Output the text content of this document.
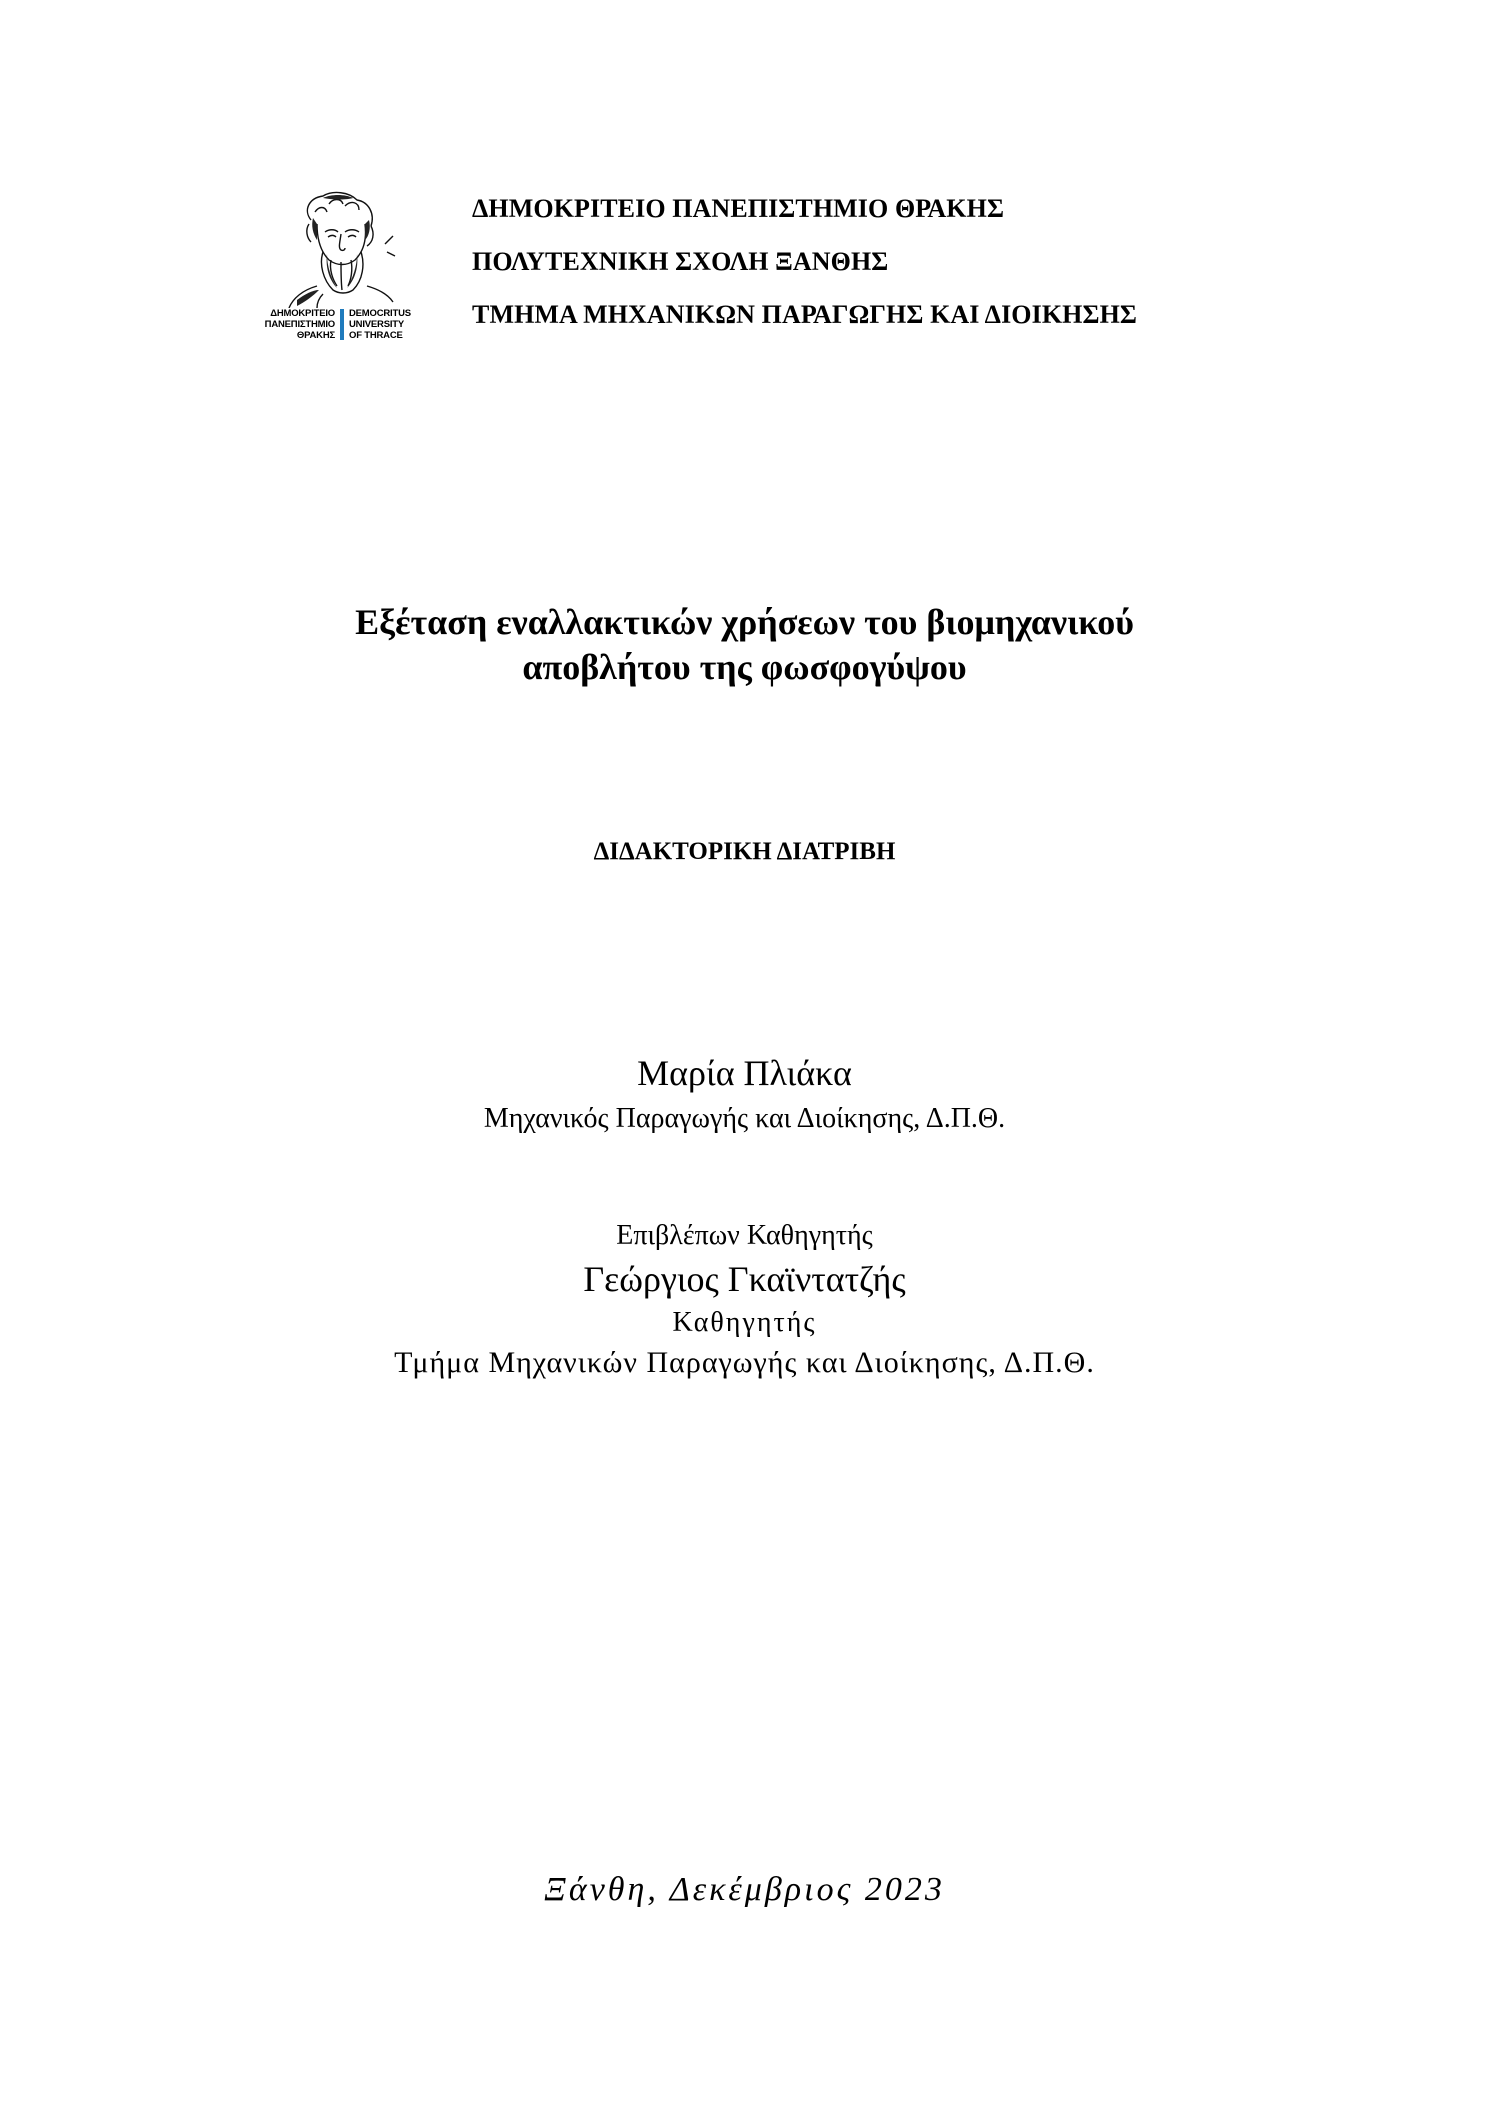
ΔΗΜΟΚΡΙΤΕΙΟ
ΠΑΝΕΠΙΣΤΗΜΙΟ
ΘΡΑΚΗΣ
DEMOCRITUS
UNIVERSITY
OF THRACE
ΔΗΜΟΚΡΙΤΕΙΟ ΠΑΝΕΠΙΣΤΗΜΙΟ ΘΡΑΚΗΣ
ΠΟΛΥΤΕΧΝΙΚΗ ΣΧΟΛΗ ΞΑΝΘΗΣ
ΤΜΗΜΑ ΜΗΧΑΝΙΚΩΝ ΠΑΡΑΓΩΓΗΣ ΚΑΙ ΔΙΟΙΚΗΣΗΣ
Εξέταση εναλλακτικών χρήσεων του βιομηχανικού
αποβλήτου της φωσφογύψου
ΔΙΔΑΚΤΟΡΙΚΗ ΔΙΑΤΡΙΒΗ
Μαρία Πλιάκα
Μηχανικός Παραγωγής και Διοίκησης, Δ.Π.Θ.
Επιβλέπων Καθηγητής
Γεώργιος Γκαϊντατζής
Καθηγητής
Τμήμα Μηχανικών Παραγωγής και Διοίκησης, Δ.Π.Θ.
Ξάνθη, Δεκέμβριος 2023
